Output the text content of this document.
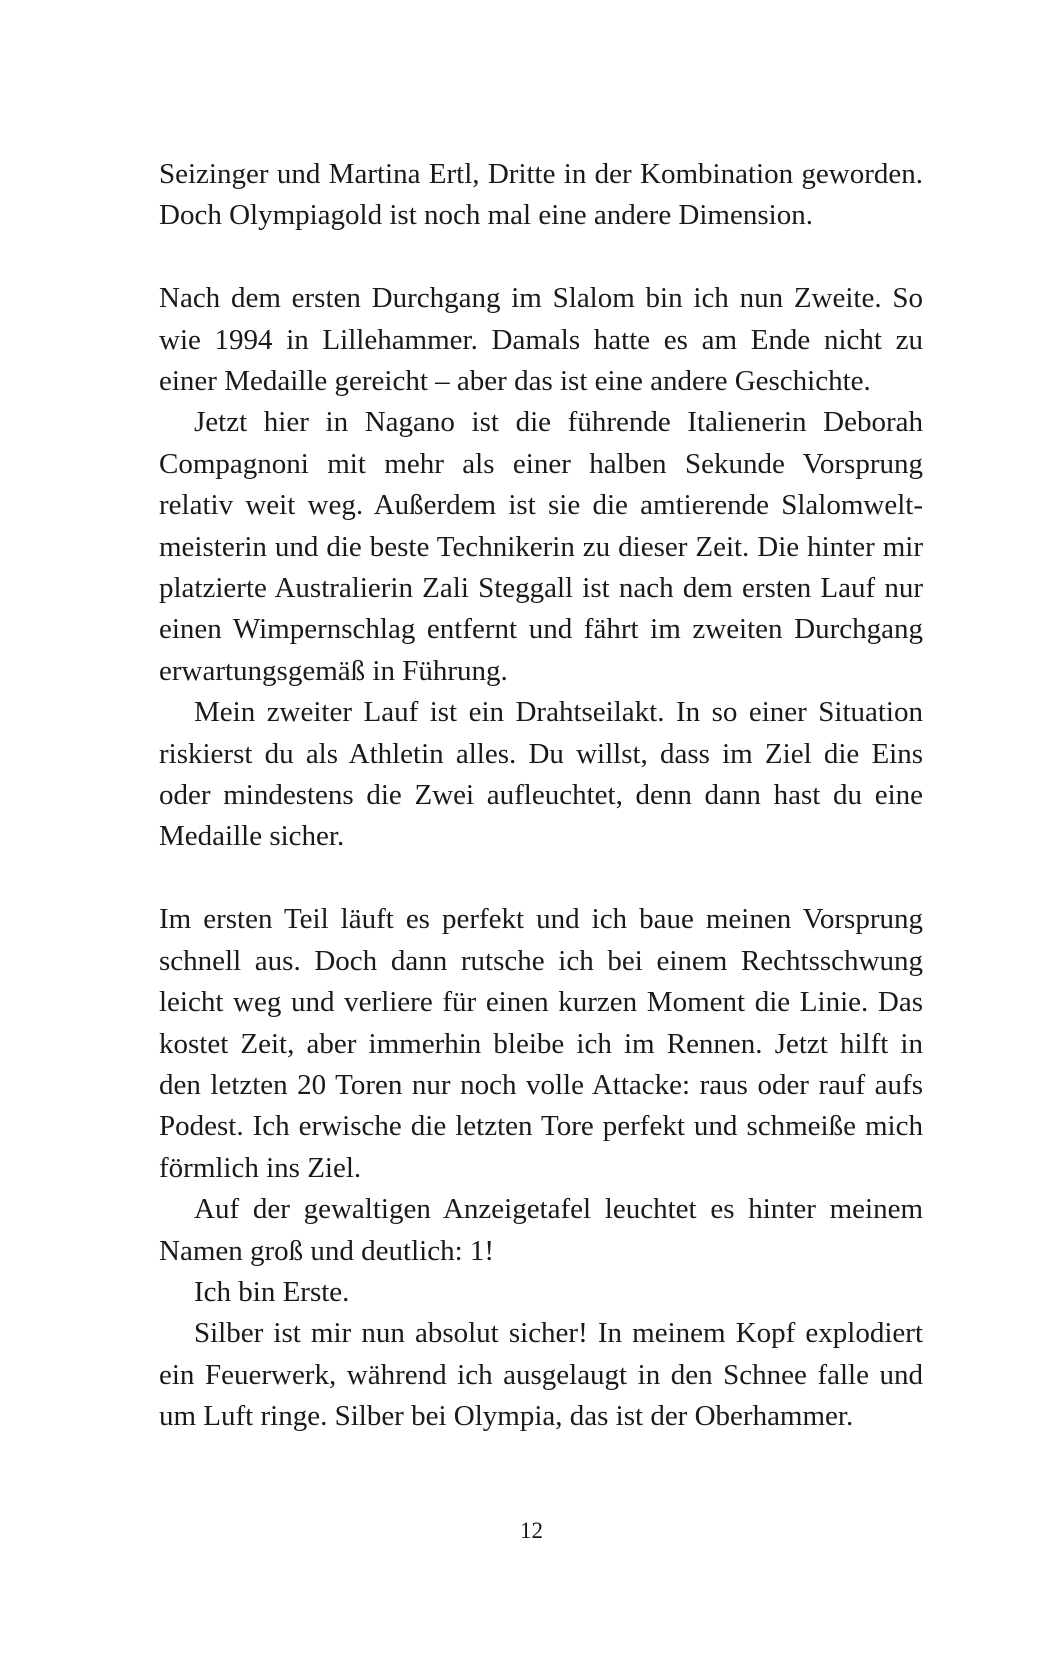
Seizinger und Martina Ertl, Dritte in der Kombination geworden. Doch Olympiagold ist noch mal eine andere Dimension.

Nach dem ersten Durchgang im Slalom bin ich nun Zweite. So wie 1994 in Lillehammer. Damals hatte es am Ende nicht zu einer Medaille gereicht – aber das ist eine andere Geschichte.

Jetzt hier in Nagano ist die führende Italienerin Deborah Compagnoni mit mehr als einer halben Sekunde Vorsprung relativ weit weg. Außerdem ist sie die amtierende Slalomweltmeisterin und die beste Technikerin zu dieser Zeit. Die hinter mir platzierte Australierin Zali Steggall ist nach dem ersten Lauf nur einen Wimpernschlag entfernt und fährt im zweiten Durchgang erwartungsgemäß in Führung.

Mein zweiter Lauf ist ein Drahtseilakt. In so einer Situation riskierst du als Athletin alles. Du willst, dass im Ziel die Eins oder mindestens die Zwei aufleuchtet, denn dann hast du eine Medaille sicher.

Im ersten Teil läuft es perfekt und ich baue meinen Vorsprung schnell aus. Doch dann rutsche ich bei einem Rechtsschwung leicht weg und verliere für einen kurzen Moment die Linie. Das kostet Zeit, aber immerhin bleibe ich im Rennen. Jetzt hilft in den letzten 20 Toren nur noch volle Attacke: raus oder rauf aufs Podest. Ich erwische die letzten Tore perfekt und schmeiße mich förmlich ins Ziel.

Auf der gewaltigen Anzeigetafel leuchtet es hinter meinem Namen groß und deutlich: 1!

Ich bin Erste.

Silber ist mir nun absolut sicher! In meinem Kopf explodiert ein Feuerwerk, während ich ausgelaugt in den Schnee falle und um Luft ringe. Silber bei Olympia, das ist der Oberhammer.

12
